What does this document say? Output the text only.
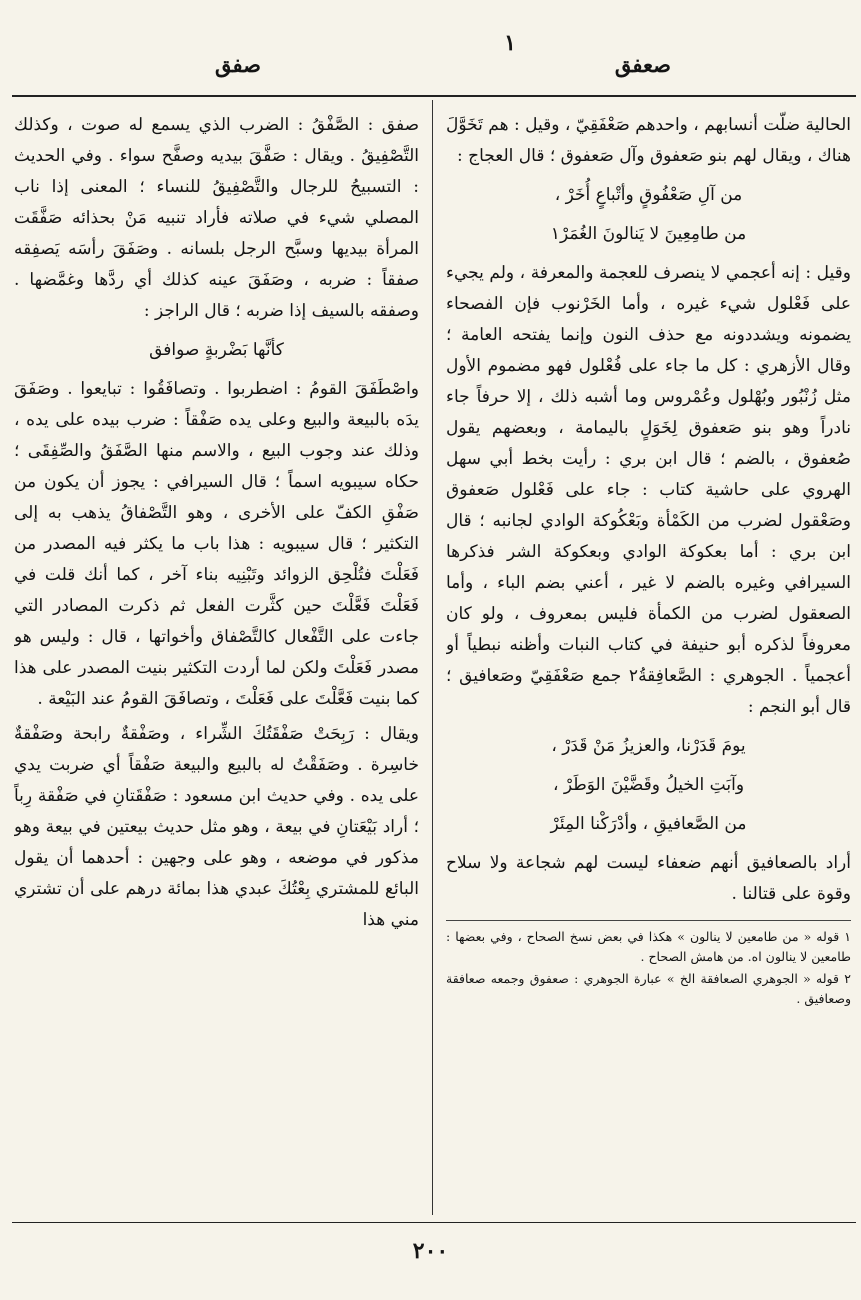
١
صعفق
صفق

الحالية ضلّت أنسابهم ، واحدهم صَعْفَقِيّ ، وقيل : هم تَخَوَّلَ هناك ، ويقال لهم بنو صَعفوق وآل صَعفوق ؛ قال العجاج :

من آلِ صَعْفُوقٍ وأتْباعٍ أُخَرْ ،
من طامِعِينَ لا يَنالونَ الغُمَرْ١

وقيل : إنه أعجمي لا ينصرف للعجمة والمعرفة ، ولم يجيء على فَعْلول شيء غيره ، وأما الخَرْنوب فإن الفصحاء يضمونه ويشددونه مع حذف النون وإنما يفتحه العامة ؛ وقال الأزهري : كل ما جاء على فُعْلول فهو مضموم الأول مثل زُنْبُور وبُهْلول وعُمْروس وما أشبه ذلك ، إلا حرفاً جاء نادراً وهو بنو صَعفوق لِخَوَلٍ باليمامة ، وبعضهم يقول صُعفوق ، بالضم ؛ قال ابن بري : رأيت بخط أبي سهل الهروي على حاشية كتاب : جاء على فَعْلول صَعفوق وصَعْقول لضرب من الكَمْأة وبَعْكُوكة الوادي لجانبه ؛ قال ابن بري : أما بعكوكة الوادي وبعكوكة الشر فذكرها السيرافي وغيره بالضم لا غير ، أعني بضم الباء ، وأما الصعقول لضرب من الكمأة فليس بمعروف ، ولو كان معروفاً لذكره أبو حنيفة في كتاب النبات وأظنه نبطياً أو أعجمياً . الجوهري : الصَّعافِقةُ٢ جمع صَعْفَقِيّ وصَعافيق ؛ قال أبو النجم :

يومَ قَدَرْنا، والعزيزُ مَنْ قَدَرْ ،
وآبَتِ الخيلُ وقَضَّيْنَ الوَطَرْ ،
من الصَّعافيقِ ، وأدْرَكْنا المِئَرْ

أراد بالصعافيق أنهم ضعفاء ليست لهم شجاعة ولا سلاح وقوة على قتالنا .

١ قوله « من طامعين لا ينالون » هكذا في بعض نسخ الصحاح ، وفي بعضها : طامعين لا ينالون اه. من هامش الصحاح .
٢ قوله « الجوهري الصعافقة الخ » عبارة الجوهري : صعفوق وجمعه صعافقة وصعافيق .

صفق : الصَّفْقُ : الضرب الذي يسمع له صوت ، وكذلك التَّصْفِيقُ . ويقال : صَفَّقَ بيديه وصفَّح سواء . وفي الحديث : التسبيحُ للرجال والتَّصْفِيقُ للنساء ؛ المعنى إذا ناب المصلي شيء في صلاته فأراد تنبيه مَنْ بحذائه صَفَّقَت المرأة بيديها وسبَّح الرجل بلسانه . وصَفَقَ رأسَه يَصفِقه صفقاً : ضربه ، وصَفَقَ عينه كذلك أي ردَّها وغمَّضها . وصفقه بالسيف إذا ضربه ؛ قال الراجز :

كأنَّها بَضْربةٍ صوافق

واصْطَفَقَ القومُ : اضطربوا . وتصافَقُوا : تبايعوا . وصَفَقَ يدَه بالبيعة والبيع وعلى يده صَفْقاً : ضرب بيده على يده ، وذلك عند وجوب البيع ، والاسم منها الصَّفَقُ والصِّفِقَى ؛ حكاه سيبويه اسماً ؛ قال السيرافي : يجوز أن يكون من صَفْقِ الكفّ على الأخرى ، وهو التَّصْفاقُ يذهب به إلى التكثير ؛ قال سيبويه : هذا باب ما يكثر فيه المصدر من فَعَلْتَ فتُلْحِق الزوائد وتَبْنِيه بناء آخر ، كما أنك قلت في فَعَلْتَ فَعَّلْتَ حين كثَّرت الفعل ثم ذكرت المصادر التي جاءت على التَّفْعال كالتَّصْفاق وأخواتها ، قال : وليس هو مصدر فَعَلْتَ ولكن لما أردت التكثير بنيت المصدر على هذا كما بنيت فَعَّلْتَ على فَعَلْتَ ، وتصافَقَ القومُ عند البَيْعة .

ويقال : رَبِحَتْ صَفْقَتُكَ الشِّراء ، وصَفْقةٌ رابحة وصَفْقةٌ خاسِرة . وصَفَقْتُ له بالبيع والبيعة صَفْقاً أي ضربت يدي على يده . وفي حديث ابن مسعود : صَفْقَتانِ في صَفْقة رِباً ؛ أراد بَيْعَتانِ في بيعة ، وهو مثل حديث بيعتين في بيعة وهو مذكور في موضعه ، وهو على وجهين : أحدهما أن يقول البائع للمشتري بِعْتُكَ عبدي هذا بمائة درهم على أن تشتري مني هذا

٢٠٠
